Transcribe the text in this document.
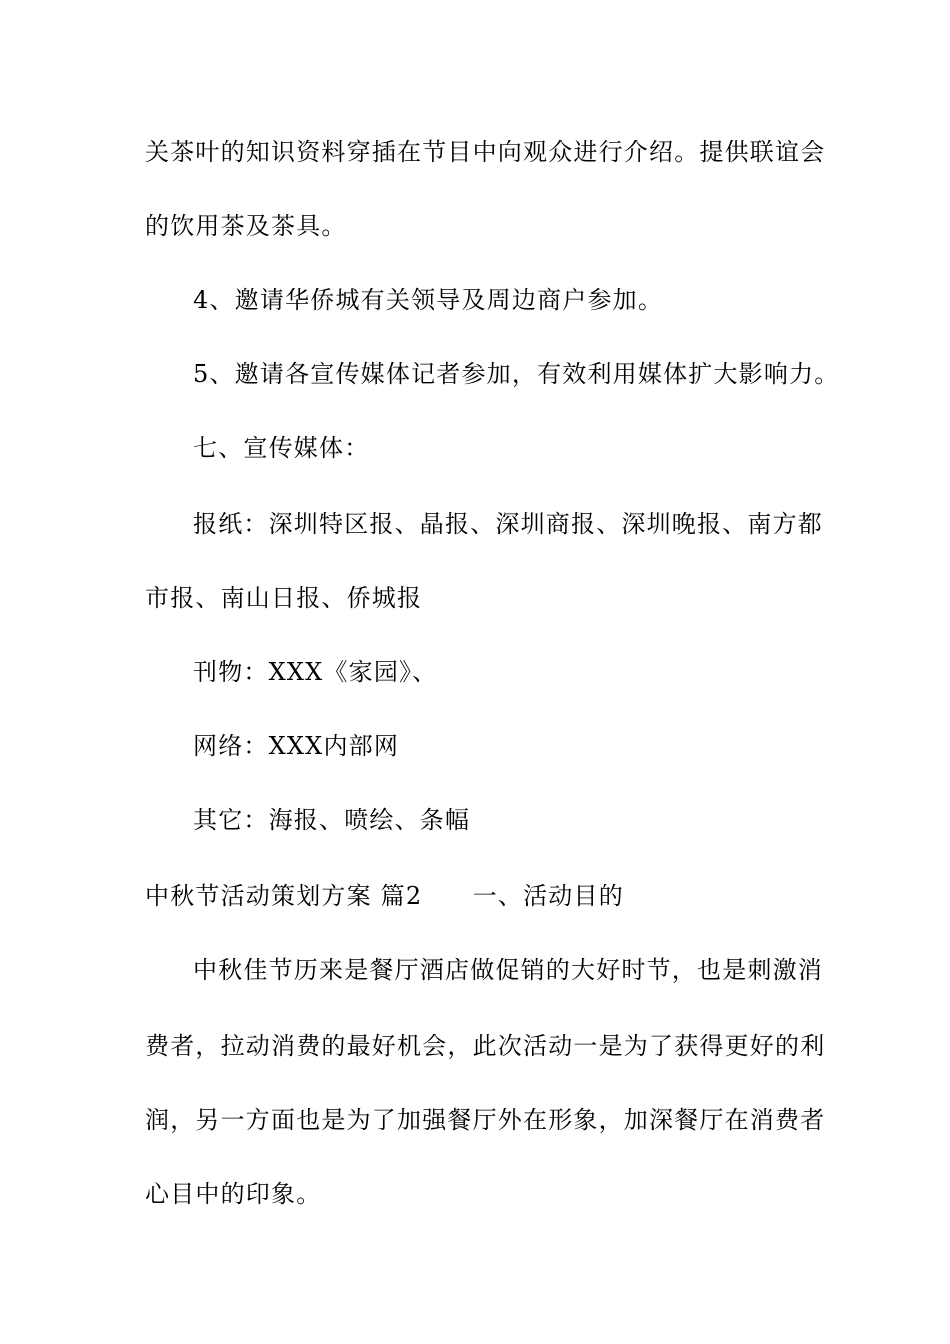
关茶叶的知识资料穿插在节目中向观众进行介绍。提供联谊会
的饮用茶及茶具。
4、邀请华侨城有关领导及周边商户参加。
5、邀请各宣传媒体记者参加，有效利用媒体扩大影响力。
七、宣传媒体：
报纸：深圳特区报、晶报、深圳商报、深圳晚报、南方都
市报、南山日报、侨城报
刊物：XXX《家园》、
网络：XXX内部网
其它：海报、喷绘、条幅
中秋节活动策划方案 篇2　　一、活动目的
中秋佳节历来是餐厅酒店做促销的大好时节，也是刺激消
费者，拉动消费的最好机会，此次活动一是为了获得更好的利
润，另一方面也是为了加强餐厅外在形象，加深餐厅在消费者
心目中的印象。
